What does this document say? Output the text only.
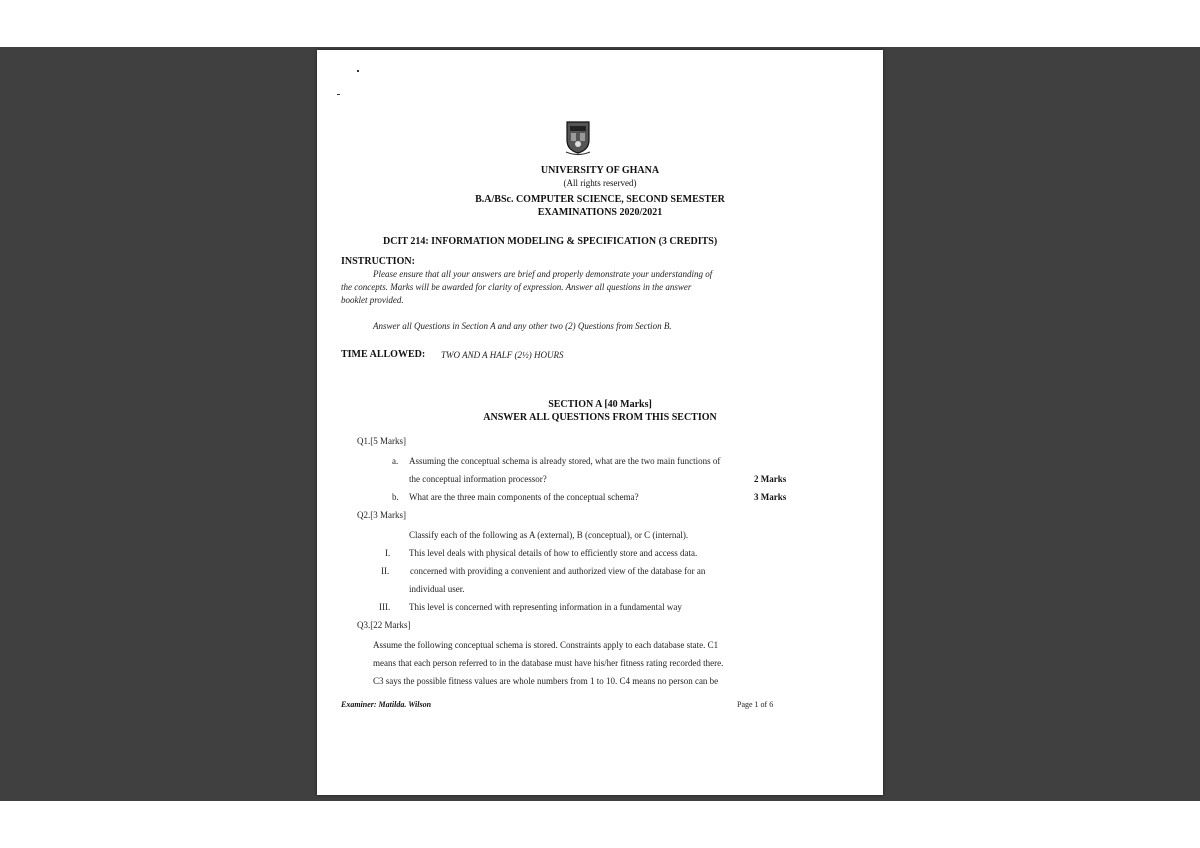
UNIVERSITY OF GHANA
(All rights reserved)
B.A/BSc. COMPUTER SCIENCE, SECOND SEMESTER
EXAMINATIONS 2020/2021
DCIT 214: INFORMATION MODELING & SPECIFICATION (3 CREDITS)
INSTRUCTION:
Please ensure that all your answers are brief and properly demonstrate your understanding of
the concepts. Marks will be awarded for clarity of expression. Answer all questions in the answer
booklet provided.
Answer all Questions in Section A and any other two (2) Questions from Section B.
TIME ALLOWED: TWO AND A HALF (2½) HOURS
SECTION A [40 Marks]
ANSWER ALL QUESTIONS FROM THIS SECTION
Q1.[5 Marks]
a. Assuming the conceptual schema is already stored, what are the two main functions of
the conceptual information processor?	2 Marks
b. What are the three main components of the conceptual schema?	3 Marks
Q2.[3 Marks]
Classify each of the following as A (external), B (conceptual), or C (internal).
I. This level deals with physical details of how to efficiently store and access data.
II. concerned with providing a convenient and authorized view of the database for an
individual user.
III. This level is concerned with representing information in a fundamental way
Q3.[22 Marks]
Assume the following conceptual schema is stored. Constraints apply to each database state. C1
means that each person referred to in the database must have his/her fitness rating recorded there.
C3 says the possible fitness values are whole numbers from 1 to 10. C4 means no person can be
Examiner: Matilda. Wilson	Page 1 of 6
